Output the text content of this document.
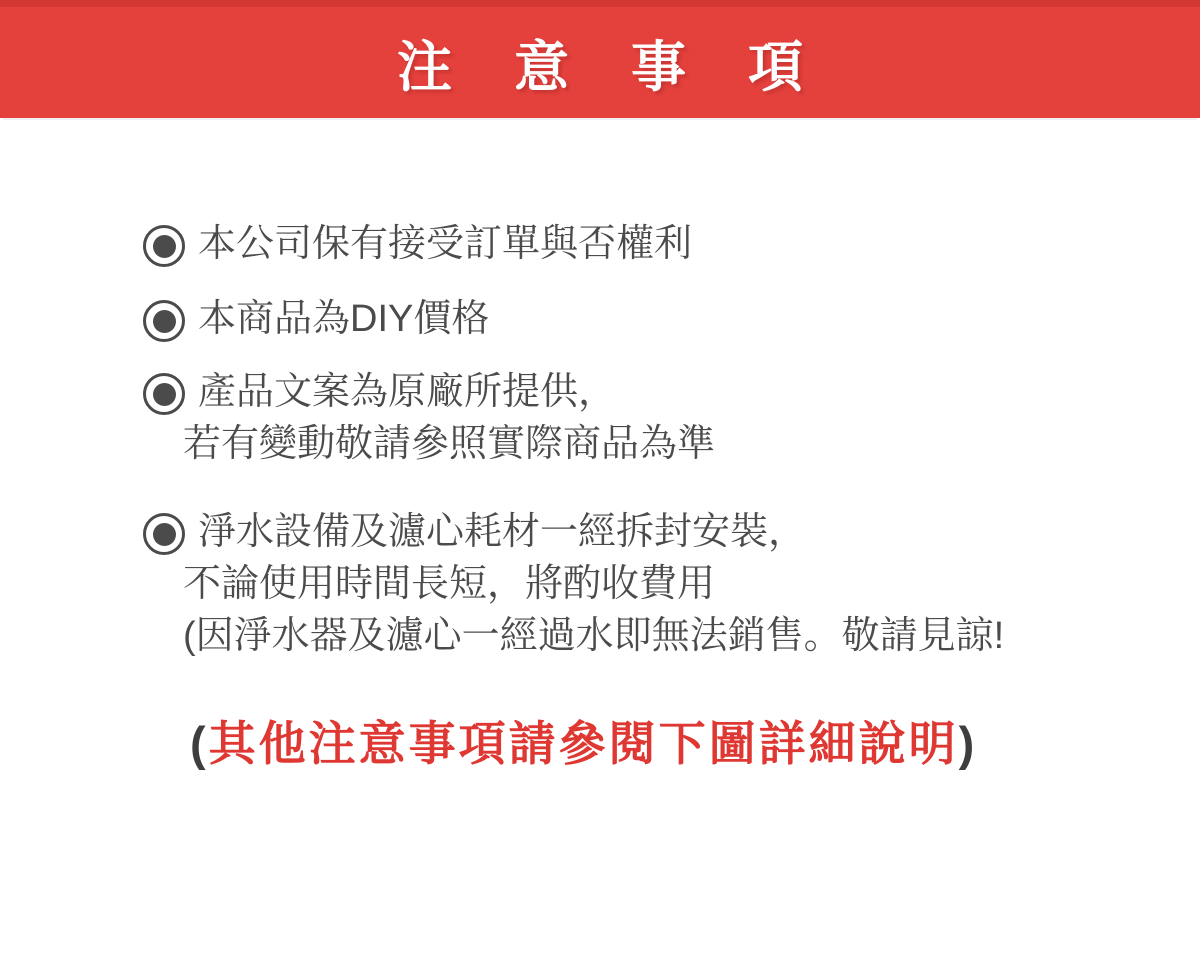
注意事項
本公司保有接受訂單與否權利
本商品為DIY價格
產品文案為原廠所提供，
若有變動敬請參照實際商品為準
淨水設備及濾心耗材一經拆封安裝，
不論使用時間長短，將酌收費用
(因淨水器及濾心一經過水即無法銷售。敬請見諒!
(其他注意事項請參閱下圖詳細說明)
